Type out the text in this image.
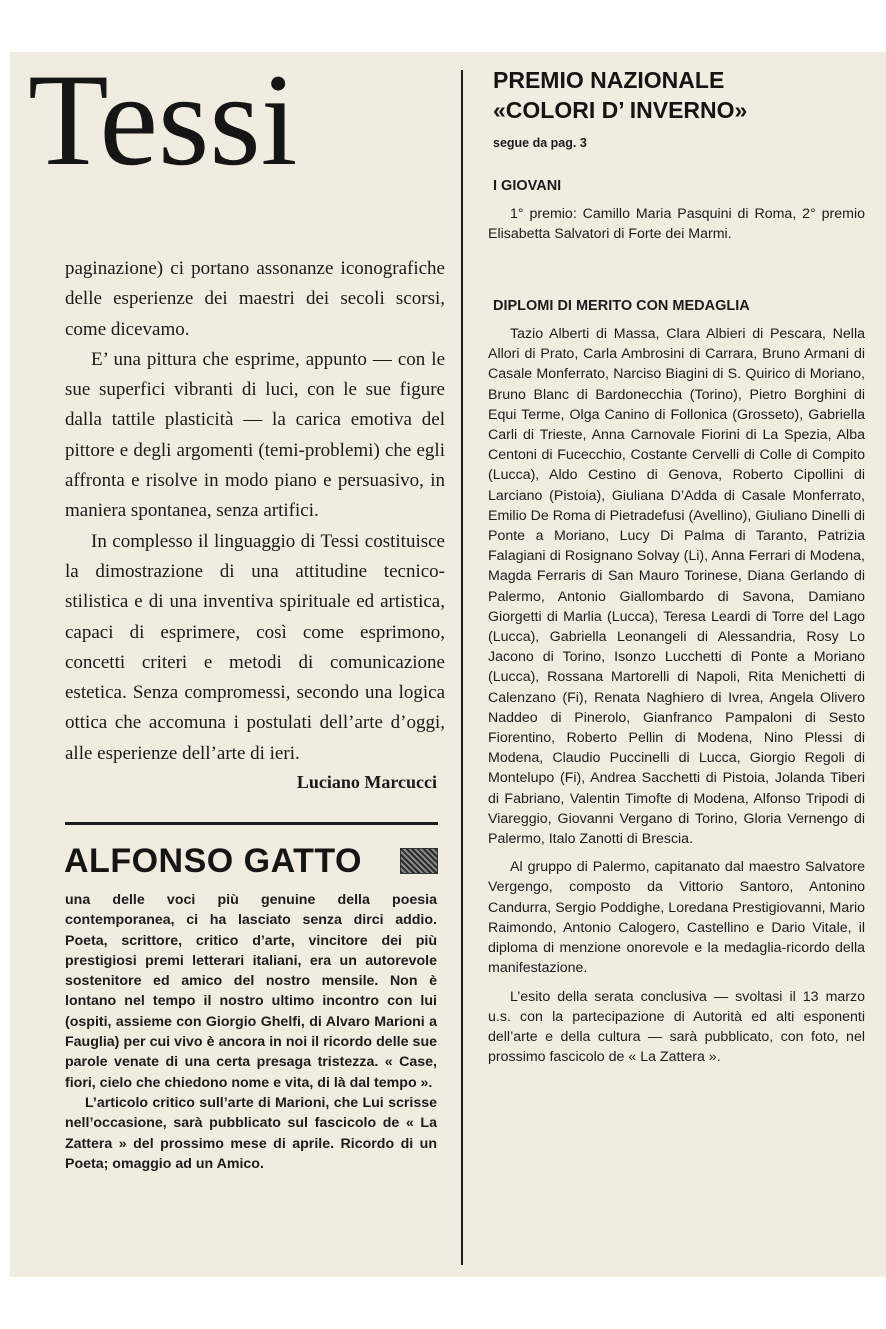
Tessi

paginazione) ci portano assonanze iconografiche delle esperienze dei maestri dei secoli scorsi, come dicevamo.

E’ una pittura che esprime, appunto — con le sue superfici vibranti di luci, con le sue figure dalla tattile plasticità — la carica emotiva del pittore e degli argomenti (temi-problemi) che egli affronta e risolve in modo piano e persuasivo, in maniera spontanea, senza artifici.

In complesso il linguaggio di Tessi costituisce la dimostrazione di una attitudine tecnico-stilistica e di una inventiva spirituale ed artistica, capaci di esprimere, così come esprimono, concetti criteri e metodi di comunicazione estetica. Senza compromessi, secondo una logica ottica che accomuna i postulati dell’arte d’oggi, alle esperienze dell’arte di ieri.

Luciano Marcucci
ALFONSO GATTO

una delle voci più genuine della poesia contemporanea, ci ha lasciato senza dirci addio. Poeta, scrittore, critico d’arte, vincitore dei più prestigiosi premi letterari italiani, era un autorevole sostenitore ed amico del nostro mensile. Non è lontano nel tempo il nostro ultimo incontro con lui (ospiti, assieme con Giorgio Ghelfi, di Alvaro Marioni a Fauglia) per cui vivo è ancora in noi il ricordo delle sue parole venate di una certa presaga tristezza. « Case, fiori, cielo che chiedono nome e vita, di là dal tempo ».

L’articolo critico sull’arte di Marioni, che Lui scrisse nell’occasione, sarà pubblicato sul fascicolo de « La Zattera » del prossimo mese di aprile. Ricordo di un Poeta; omaggio ad un Amico.

PREMIO NAZIONALE
«COLORI D’ INVERNO»
segue da pag. 3
I GIOVANI

1° premio: Camillo Maria Pasquini di Roma, 2° premio Elisabetta Salvatori di Forte dei Marmi.

DIPLOMI DI MERITO CON MEDAGLIA

Tazio Alberti di Massa, Clara Albieri di Pescara, Nella Allori di Prato, Carla Ambrosini di Carrara, Bruno Armani di Casale Monferrato, Narciso Biagini di S. Quirico di Moriano, Bruno Blanc di Bardonecchia (Torino), Pietro Borghini di Equi Terme, Olga Canino di Follonica (Grosseto), Gabriella Carli di Trieste, Anna Carnovale Fiorini di La Spezia, Alba Centoni di Fucecchio, Costante Cervelli di Colle di Compito (Lucca), Aldo Cestino di Genova, Roberto Cipollini di Larciano (Pistoia), Giuliana D’Adda di Casale Monferrato, Emilio De Roma di Pietradefusi (Avellino), Giuliano Dinelli di Ponte a Moriano, Lucy Di Palma di Taranto, Patrizia Falagiani di Rosignano Solvay (Li), Anna Ferrari di Modena, Magda Ferraris di San Mauro Torinese, Diana Gerlando di Palermo, Antonio Giallombardo di Savona, Damiano Giorgetti di Marlia (Lucca), Teresa Leardi di Torre del Lago (Lucca), Gabriella Leonangeli di Alessandria, Rosy Lo Jacono di Torino, Isonzo Lucchetti di Ponte a Moriano (Lucca), Rossana Martorelli di Napoli, Rita Menichetti di Calenzano (Fi), Renata Naghiero di Ivrea, Angela Olivero Naddeo di Pinerolo, Gianfranco Pampaloni di Sesto Fiorentino, Roberto Pellin di Modena, Nino Plessi di Modena, Claudio Puccinelli di Lucca, Giorgio Regoli di Montelupo (Fi), Andrea Sacchetti di Pistoia, Jolanda Tiberi di Fabriano, Valentin Timofte di Modena, Alfonso Tripodi di Viareggio, Giovanni Vergano di Torino, Gloria Vernengo di Palermo, Italo Zanotti di Brescia.

Al gruppo di Palermo, capitanato dal maestro Salvatore Vergengo, composto da Vittorio Santoro, Antonino Candurra, Sergio Poddighe, Loredana Prestigiovanni, Mario Raimondo, Antonio Calogero, Castellino e Dario Vitale, il diploma di menzione onorevole e la medaglia-ricordo della manifestazione.

L’esito della serata conclusiva — svoltasi il 13 marzo u.s. con la partecipazione di Autorità ed alti esponenti dell’arte e della cultura — sarà pubblicato, con foto, nel prossimo fascicolo de « La Zattera ».
